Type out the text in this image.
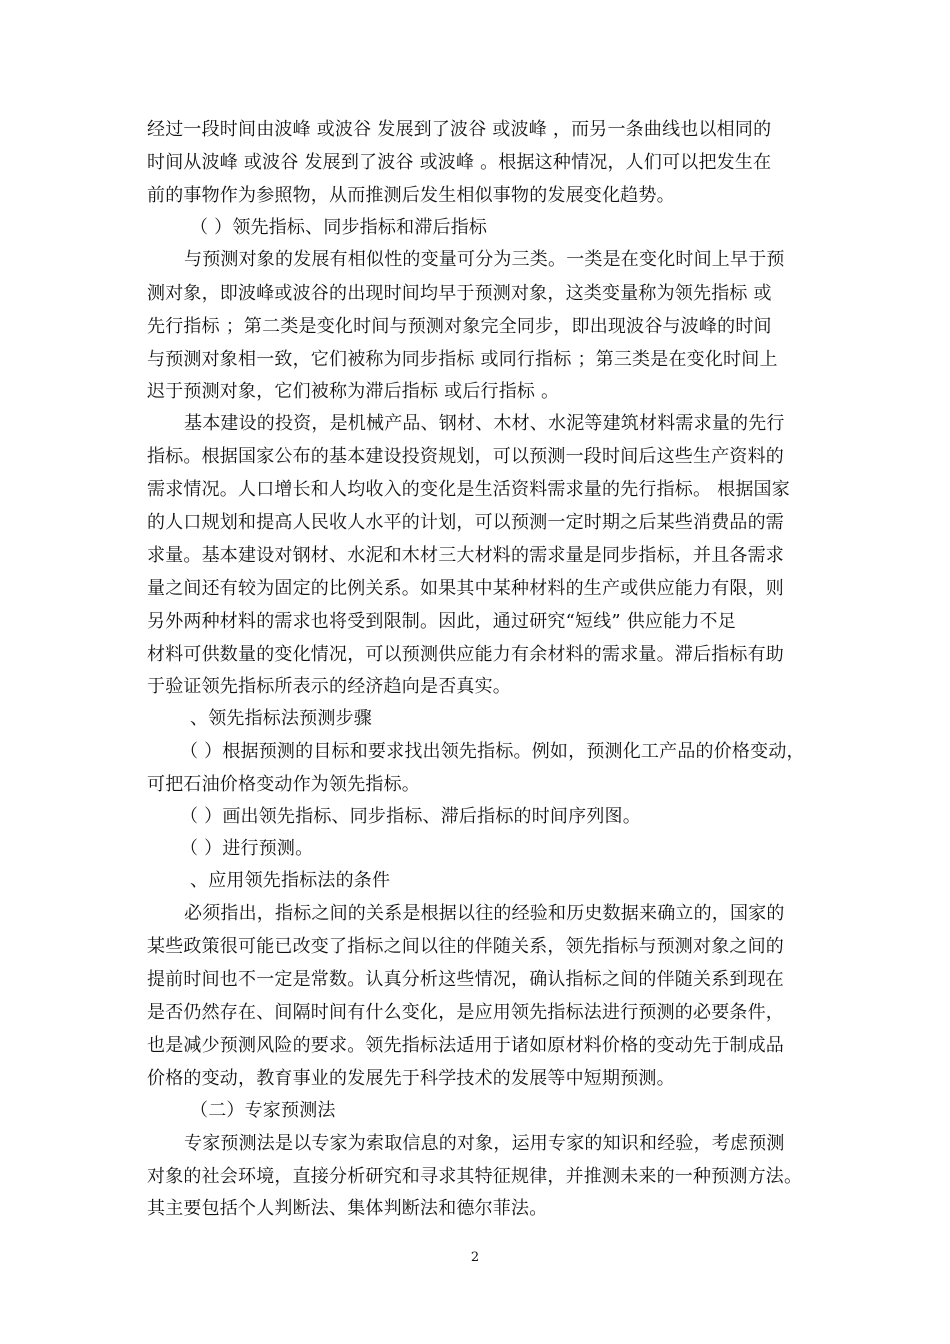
经过一段时间由波峰 或波谷 发展到了波谷 或波峰 ，而另一条曲线也以相同的

时间从波峰 或波谷 发展到了波谷 或波峰 。根据这种情况，人们可以把发生在

前的事物作为参照物，从而推测后发生相似事物的发展变化趋势。

（ ）领先指标、同步指标和滞后指标

与预测对象的发展有相似性的变量可分为三类。一类是在变化时间上早于预

测对象，即波峰或波谷的出现时间均早于预测对象，这类变量称为领先指标 或

先行指标 ；第二类是变化时间与预测对象完全同步，即出现波谷与波峰的时间

与预测对象相一致，它们被称为同步指标 或同行指标 ；第三类是在变化时间上

迟于预测对象，它们被称为滞后指标 或后行指标 。

基本建设的投资，是机械产品、钢材、木材、水泥等建筑材料需求量的先行

指标。根据国家公布的基本建设投资规划，可以预测一段时间后这些生产资料的

需求情况。人口增长和人均收入的变化是生活资料需求量的先行指标。 根据国家

的人口规划和提高人民收人水平的计划，可以预测一定时期之后某些消费品的需

求量。基本建设对钢材、水泥和木材三大材料的需求量是同步指标，并且各需求

量之间还有较为固定的比例关系。如果其中某种材料的生产或供应能力有限，则

另外两种材料的需求也将受到限制。因此，通过研究“短线” 供应能力不足

材料可供数量的变化情况，可以预测供应能力有余材料的需求量。滞后指标有助

于验证领先指标所表示的经济趋向是否真实。

、领先指标法预测步骤

（ ）根据预测的目标和要求找出领先指标。例如，预测化工产品的价格变动，

可把石油价格变动作为领先指标。

（ ）画出领先指标、同步指标、滞后指标的时间序列图。

（ ）进行预测。

、应用领先指标法的条件

必须指出，指标之间的关系是根据以往的经验和历史数据来确立的，国家的

某些政策很可能已改变了指标之间以往的伴随关系，领先指标与预测对象之间的

提前时间也不一定是常数。认真分析这些情况，确认指标之间的伴随关系到现在

是否仍然存在、间隔时间有什么变化，是应用领先指标法进行预测的必要条件，

也是减少预测风险的要求。领先指标法适用于诸如原材料价格的变动先于制成品

价格的变动，教育事业的发展先于科学技术的发展等中短期预测。

（二）专家预测法

专家预测法是以专家为索取信息的对象，运用专家的知识和经验，考虑预测

对象的社会环境，直接分析研究和寻求其特征规律，并推测未来的一种预测方法。

其主要包括个人判断法、集体判断法和德尔菲法。

2
